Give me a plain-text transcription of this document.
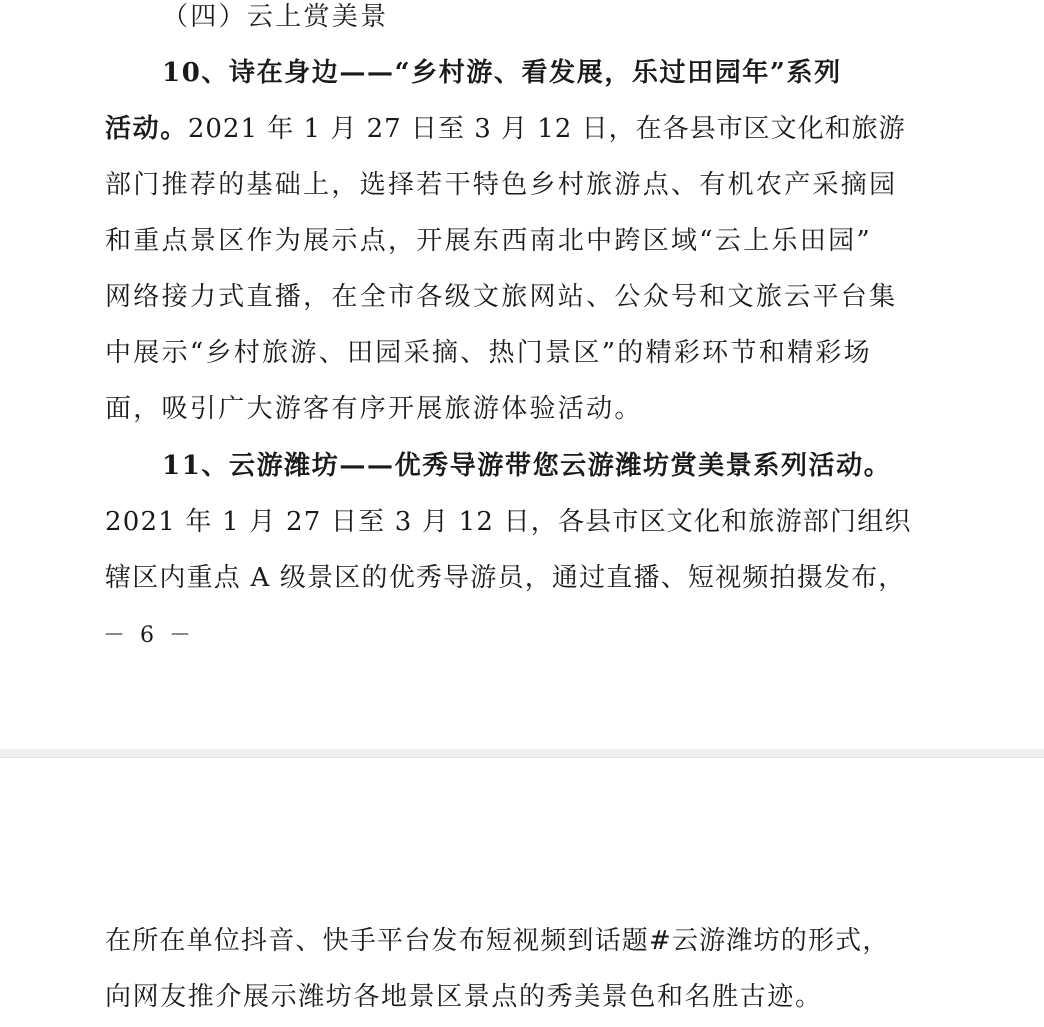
（四）云上赏美景
10、诗在身边——“乡村游、看发展，乐过田园年”系列
活动。2021 年 1 月 27 日至 3 月 12 日，在各县市区文化和旅游
部门推荐的基础上，选择若干特色乡村旅游点、有机农产采摘园
和重点景区作为展示点，开展东西南北中跨区域“云上乐田园”
网络接力式直播，在全市各级文旅网站、公众号和文旅云平台集
中展示“乡村旅游、田园采摘、热门景区”的精彩环节和精彩场
面，吸引广大游客有序开展旅游体验活动。
11、云游潍坊——优秀导游带您云游潍坊赏美景系列活动。
2021 年 1 月 27 日至 3 月 12 日，各县市区文化和旅游部门组织
辖区内重点 A 级景区的优秀导游员，通过直播、短视频拍摄发布，
－ 6 －
在所在单位抖音、快手平台发布短视频到话题#云游潍坊的形式，
向网友推介展示潍坊各地景区景点的秀美景色和名胜古迹。
